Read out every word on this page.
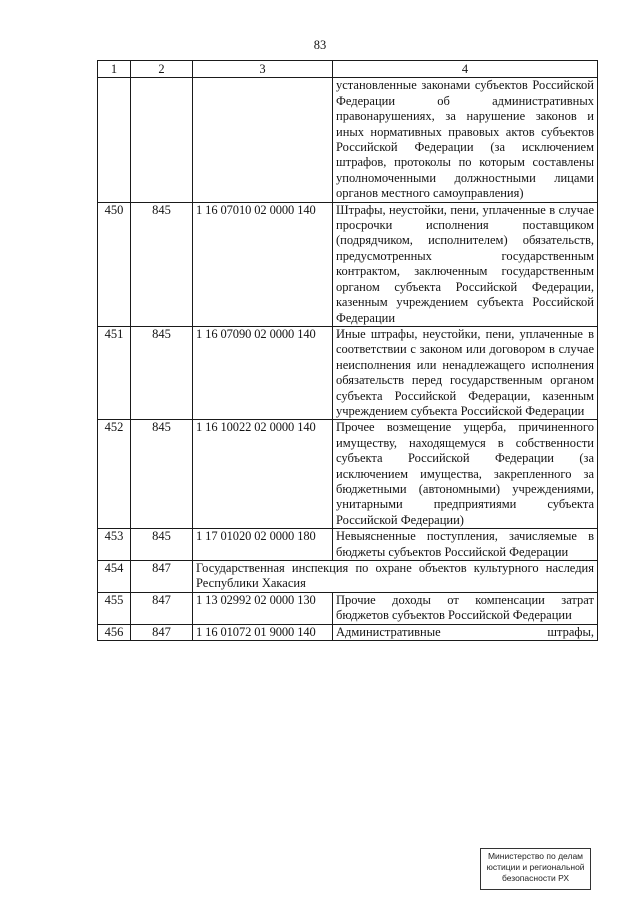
83
1	2	3	4
			установленные законами субъектов Российской Федерации об административных правонарушениях, за нарушение законов и иных нормативных правовых актов субъектов Российской Федерации (за исключением штрафов, протоколы по которым составлены уполномоченными должностными лицами органов местного самоуправления)
450	845	1 16 07010 02 0000 140	Штрафы, неустойки, пени, уплаченные в случае просрочки исполнения поставщиком (подрядчиком, исполнителем) обязательств, предусмотренных государственным контрактом, заключенным государственным органом субъекта Российской Федерации, казенным учреждением субъекта Российской Федерации
451	845	1 16 07090 02 0000 140	Иные штрафы, неустойки, пени, уплаченные в соответствии с законом или договором в случае неисполнения или ненадлежащего исполнения обязательств перед государственным органом субъекта Российской Федерации, казенным учреждением субъекта Российской Федерации
452	845	1 16 10022 02 0000 140	Прочее возмещение ущерба, причиненного имуществу, находящемуся в собственности субъекта Российской Федерации (за исключением имущества, закрепленного за бюджетными (автономными) учреждениями, унитарными предприятиями субъекта Российской Федерации)
453	845	1 17 01020 02 0000 180	Невыясненные поступления, зачисляемые в бюджеты субъектов Российской Федерации
454	847	Государственная инспекция по охране объектов культурного наследия Республики Хакасия	
455	847	1 13 02992 02 0000 130	Прочие доходы от компенсации затрат бюджетов субъектов Российской Федерации
456	847	1 16 01072 01 9000 140	Административные штрафы,
Министерство по делам
юстиции и региональной
безопасности РХ
